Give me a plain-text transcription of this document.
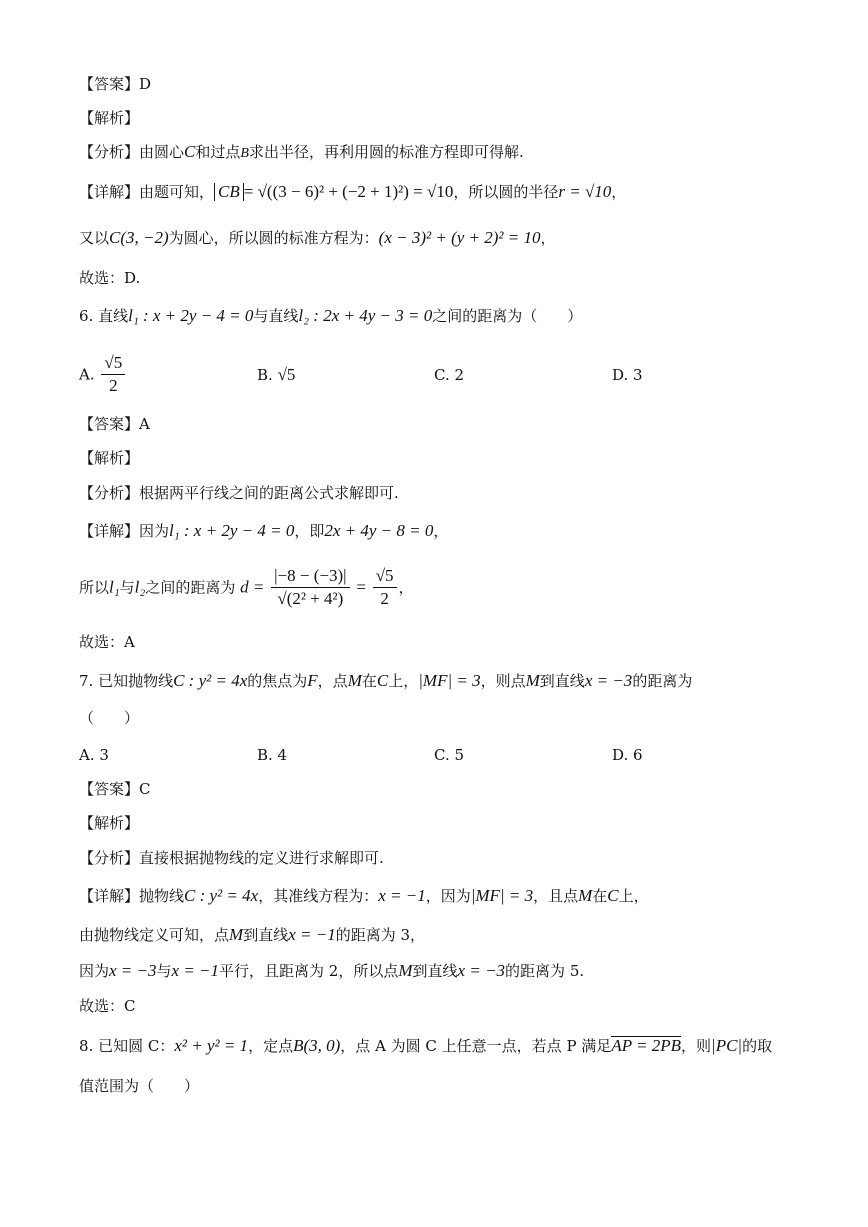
【答案】D
【解析】
【分析】由圆心C和过点B求出半径，再利用圆的标准方程即可得解.
【详解】由题可知， CB = √((3 − 6)² + (−2 + 1)²) = √10，所以圆的半径r = √10，
又以C(3, −2)为圆心，所以圆的标准方程为：(x − 3)² + (y + 2)² = 10，
故选：D.
6. 直线l₁ : x + 2y − 4 = 0与直线l₂ : 2x + 4y − 3 = 0之间的距离为（　　）
A. $\frac{√5}{2}$	B. √5	C. 2	D. 3
【答案】A
【解析】
【分析】根据两平行线之间的距离公式求解即可.
【详解】因为l₁ : x + 2y − 4 = 0，即2x + 4y − 8 = 0，
所以l₁与l₂之间的距离为 $d = \frac{|-8 - (-3)|}{\text{√(2² + 4²)}} = \frac{√5}{2}$ ，
故选：A
7. 已知抛物线C : y² = 4x的焦点为F，点M在C上，|MF| = 3，则点M到直线x = −3的距离为
（　　）
A. 3	B. 4	C. 5	D. 6
【答案】C
【解析】
【分析】直接根据抛物线的定义进行求解即可.
【详解】抛物线C : y² = 4x，其准线方程为：x = −1，因为|MF| = 3，且点M在C上，
由抛物线定义可知，点M到直线x = −1的距离为 3，
因为x = −3与x = −1平行，且距离为 2，所以点M到直线x = −3的距离为 5.
故选：C
8. 已知圆 C：x² + y² = 1，定点B(3, 0)，点 A 为圆 C 上任意一点，若点 P 满足AP = 2PB，则|PC|的取
值范围为（　　）
